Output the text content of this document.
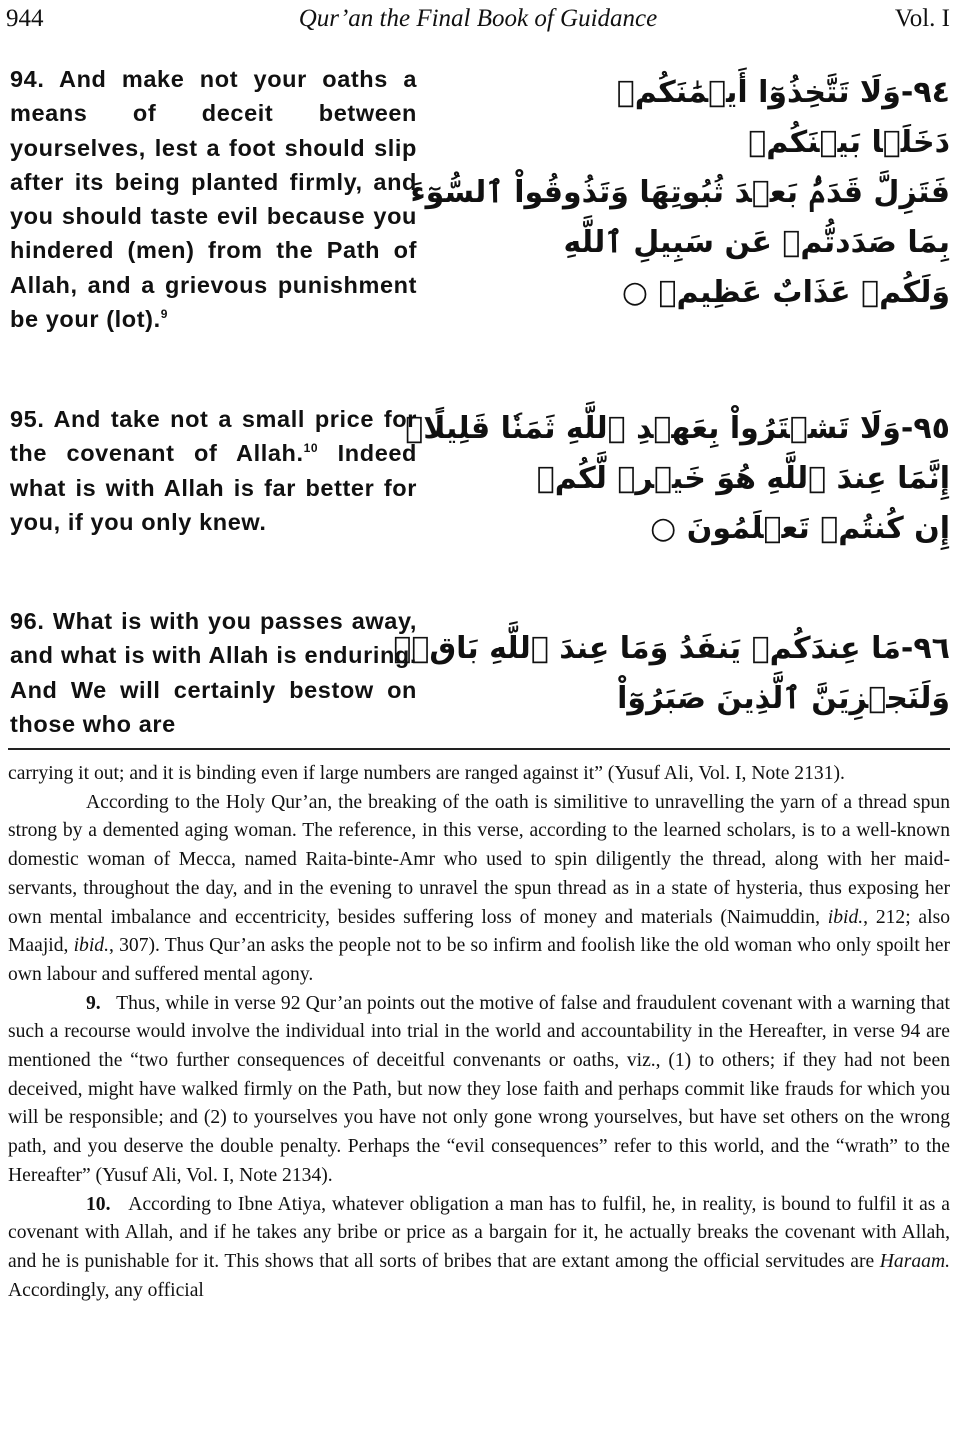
944	Qur’an the Final Book of Guidance	Vol. I

94. And make not your oaths a means of deceit between yourselves, lest a foot should slip after its being planted firmly, and you should taste evil because you hindered (men) from the Path of Allah, and a grievous punishment be your (lot).$^9$

٩٤-وَلَا تَتَّخِذُوٓا أَيۡمَٰنَكُمۡ
دَخَلَۢا بَيۡنَكُمۡ
فَتَزِلَّ قَدَمُۢ بَعۡدَ ثُبُوتِهَا وَتَذُوقُواْ ٱلسُّوٓءَ
بِمَا صَدَدتُّمۡ عَن سَبِيلِ ٱللَّهِ
وَلَكُمۡ عَذَابٌ عَظِيمٞ ○

95. And take not a small price for the covenant of Allah.$^{10}$ Indeed what is with Allah is far better for you, if you only knew.

٩٥-وَلَا تَشۡتَرُواْ بِعَهۡدِ ٱللَّهِ ثَمَنٗا قَلِيلًاۚ
إِنَّمَا عِندَ ٱللَّهِ هُوَ خَيۡرٞ لَّكُمۡ
إِن كُنتُمۡ تَعۡلَمُونَ ○

96. What is with you passes away, and what is with Allah is enduring. And We will certainly bestow on those who are

٩٦-مَا عِندَكُمۡ يَنفَدُ وَمَا عِندَ ٱللَّهِ بَاقٖۗ
وَلَنَجۡزِيَنَّ ٱلَّذِينَ صَبَرُوٓاْ

carrying it out; and it is binding even if large numbers are ranged against it” (Yusuf Ali, Vol. I, Note 2131).

According to the Holy Qur’an, the breaking of the oath is similitive to unravelling the yarn of a thread spun strong by a demented aging woman. The reference, in this verse, according to the learned scholars, is to a well-known domestic woman of Mecca, named Raita-binte-Amr who used to spin diligently the thread, along with her maid-servants, throughout the day, and in the evening to unravel the spun thread as in a state of hysteria, thus exposing her own mental imbalance and eccentricity, besides suffering loss of money and materials (Naimuddin, ibid., 212; also Maajid, ibid., 307). Thus Qur’an asks the people not to be so infirm and foolish like the old woman who only spoilt her own labour and suffered mental agony.

9. Thus, while in verse 92 Qur’an points out the motive of false and fraudulent covenant with a warning that such a recourse would involve the individual into trial in the world and accountability in the Hereafter, in verse 94 are mentioned the “two further consequences of deceitful convenants or oaths, viz., (1) to others; if they had not been deceived, might have walked firmly on the Path, but now they lose faith and perhaps commit like frauds for which you will be responsible; and (2) to yourselves you have not only gone wrong yourselves, but have set others on the wrong path, and you deserve the double penalty. Perhaps the “evil consequences” refer to this world, and the “wrath” to the Hereafter” (Yusuf Ali, Vol. I, Note 2134).

10. According to Ibne Atiya, whatever obligation a man has to fulfil, he, in reality, is bound to fulfil it as a covenant with Allah, and if he takes any bribe or price as a bargain for it, he actually breaks the covenant with Allah, and he is punishable for it. This shows that all sorts of bribes that are extant among the official servitudes are Haraam. Accordingly, any official
